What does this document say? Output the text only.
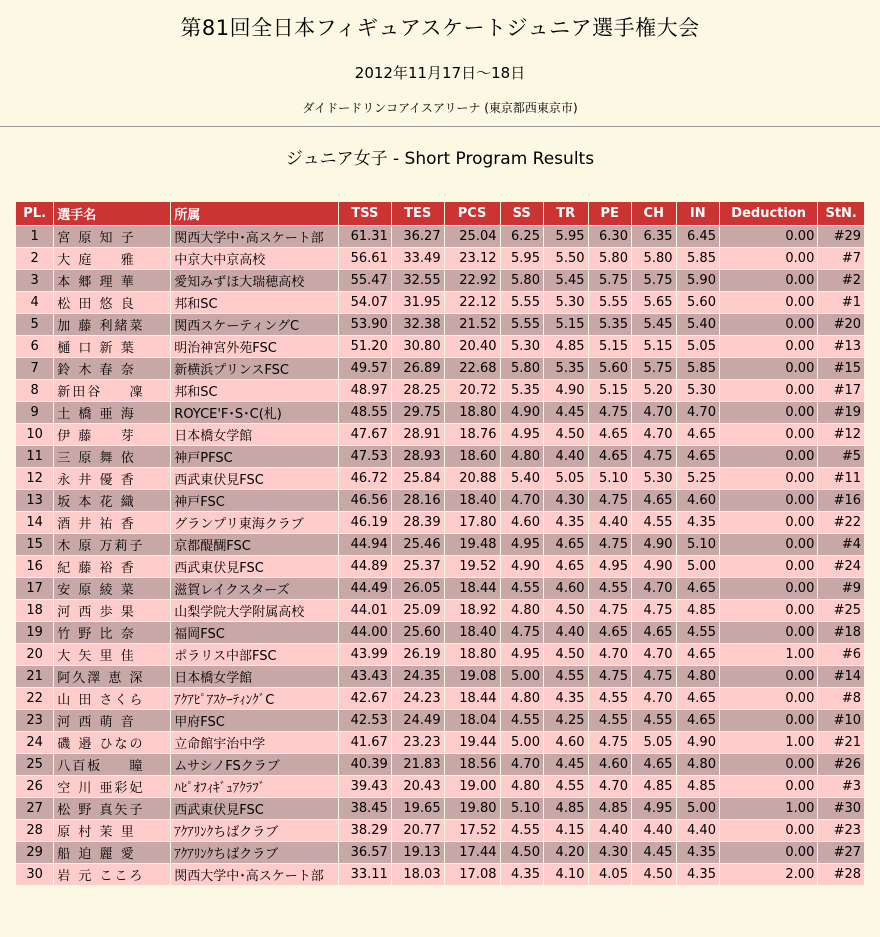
第81回全日本フィギュアスケートジュニア選手権大会
2012年11月17日～18日
ダイドードリンコアイスアリーナ (東京都西東京市)
ジュニア女子 - Short Program Results
PL.	選手名	所属	TSS	TES	PCS	SS	TR	PE	CH	IN	Deduction	StN.
1	宮 原 知 子	関西大学中･高スケート部	61.31	36.27	25.04	6.25	5.95	6.30	6.35	6.45	0.00	#29
2	大 庭 　 雅	中京大中京高校	56.61	33.49	23.12	5.95	5.50	5.80	5.80	5.85	0.00	#7
3	本 郷 理 華	愛知みずほ大瑞穂高校	55.47	32.55	22.92	5.80	5.45	5.75	5.75	5.90	0.00	#2
4	松 田 悠 良	邦和SC	54.07	31.95	22.12	5.55	5.30	5.55	5.65	5.60	0.00	#1
5	加 藤 利緒菜	関西スケーティングC	53.90	32.38	21.52	5.55	5.15	5.35	5.45	5.40	0.00	#20
6	樋 口 新 葉	明治神宮外苑FSC	51.20	30.80	20.40	5.30	4.85	5.15	5.15	5.05	0.00	#13
7	鈴 木 春 奈	新横浜プリンスFSC	49.57	26.89	22.68	5.80	5.35	5.60	5.75	5.85	0.00	#15
8	新田谷 　 凜	邦和SC	48.97	28.25	20.72	5.35	4.90	5.15	5.20	5.30	0.00	#17
9	土 橋 亜 海	ROYCE'F･S･C(札)	48.55	29.75	18.80	4.90	4.45	4.75	4.70	4.70	0.00	#19
10	伊 藤 　 芽	日本橋女学館	47.67	28.91	18.76	4.95	4.50	4.65	4.70	4.65	0.00	#12
11	三 原 舞 依	神戸PFSC	47.53	28.93	18.60	4.80	4.40	4.65	4.75	4.65	0.00	#5
12	永 井 優 香	西武東伏見FSC	46.72	25.84	20.88	5.40	5.05	5.10	5.30	5.25	0.00	#11
13	坂 本 花 織	神戸FSC	46.56	28.16	18.40	4.70	4.30	4.75	4.65	4.60	0.00	#16
14	酒 井 祐 香	グランプリ東海クラブ	46.19	28.39	17.80	4.60	4.35	4.40	4.55	4.35	0.00	#22
15	木 原 万莉子	京都醍醐FSC	44.94	25.46	19.48	4.95	4.65	4.75	4.90	5.10	0.00	#4
16	紀 藤 裕 香	西武東伏見FSC	44.89	25.37	19.52	4.90	4.65	4.95	4.90	5.00	0.00	#24
17	安 原 綾 菜	滋賀レイクスターズ	44.49	26.05	18.44	4.55	4.60	4.55	4.70	4.65	0.00	#9
18	河 西 歩 果	山梨学院大学附属高校	44.01	25.09	18.92	4.80	4.50	4.75	4.75	4.85	0.00	#25
19	竹 野 比 奈	福岡FSC	44.00	25.60	18.40	4.75	4.40	4.65	4.65	4.55	0.00	#18
20	大 矢 里 佳	ポラリス中部FSC	43.99	26.19	18.80	4.95	4.50	4.70	4.70	4.65	1.00	#6
21	阿久澤 恵 深	日本橋女学館	43.43	24.35	19.08	5.00	4.55	4.75	4.75	4.80	0.00	#14
22	山 田 さくら	ｱｸｱﾋﾟｱｽｹｰﾃｨﾝｸﾞC	42.67	24.23	18.44	4.80	4.35	4.55	4.70	4.65	0.00	#8
23	河 西 萌 音	甲府FSC	42.53	24.49	18.04	4.55	4.25	4.55	4.55	4.65	0.00	#10
24	磯 邉 ひなの	立命館宇治中学	41.67	23.23	19.44	5.00	4.60	4.75	5.05	4.90	1.00	#21
25	八百板 　 瞳	ムサシノFSクラブ	40.39	21.83	18.56	4.70	4.45	4.60	4.65	4.80	0.00	#26
26	空 川 亜彩妃	ﾊﾋﾟｵﾌｨｷﾞｭｱｸﾗﾌﾞ	39.43	20.43	19.00	4.80	4.55	4.70	4.85	4.85	0.00	#3
27	松 野 真矢子	西武東伏見FSC	38.45	19.65	19.80	5.10	4.85	4.85	4.95	5.00	1.00	#30
28	原 村 茉 里	ｱｸｱﾘﾝｸちばクラブ	38.29	20.77	17.52	4.55	4.15	4.40	4.40	4.40	0.00	#23
29	船 迫 麗 愛	ｱｸｱﾘﾝｸちばクラブ	36.57	19.13	17.44	4.50	4.20	4.30	4.45	4.35	0.00	#27
30	岩 元 こころ	関西大学中･高スケート部	33.11	18.03	17.08	4.35	4.10	4.05	4.50	4.35	2.00	#28
